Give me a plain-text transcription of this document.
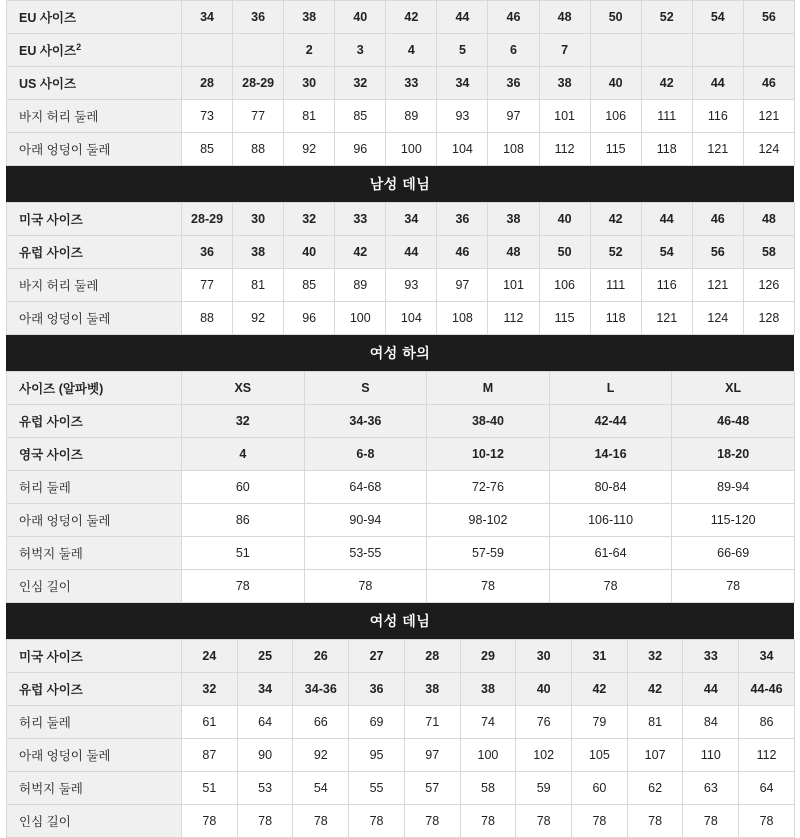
EU 사이즈	34	36	38	40	42	44	46	48	50	52	54	56
EU 사이즈$^2$			2	3	4	5	6	7				
US 사이즈	28	28-29	30	32	33	34	36	38	40	42	44	46
바지 허리 둘레	73	77	81	85	89	93	97	101	106	111	116	121
아래 엉덩이 둘레	85	88	92	96	100	104	108	112	115	118	121	124
남성 데님
미국 사이즈	28-29	30	32	33	34	36	38	40	42	44	46	48
유럽 사이즈	36	38	40	42	44	46	48	50	52	54	56	58
바지 허리 둘레	77	81	85	89	93	97	101	106	111	116	121	126
아래 엉덩이 둘레	88	92	96	100	104	108	112	115	118	121	124	128
여성 하의
사이즈 (알파벳)	XS	S	M	L	XL
유럽 사이즈	32	34-36	38-40	42-44	46-48
영국 사이즈	4	6-8	10-12	14-16	18-20
허리 둘레	60	64-68	72-76	80-84	89-94
아래 엉덩이 둘레	86	90-94	98-102	106-110	115-120
허벅지 둘레	51	53-55	57-59	61-64	66-69
인심 길이	78	78	78	78	78
여성 데님
미국 사이즈	24	25	26	27	28	29	30	31	32	33	34
유럽 사이즈	32	34	34-36	36	38	38	40	42	42	44	44-46
허리 둘레	61	64	66	69	71	74	76	79	81	84	86
아래 엉덩이 둘레	87	90	92	95	97	100	102	105	107	110	112
허벅지 둘레	51	53	54	55	57	58	59	60	62	63	64
인심 길이	78	78	78	78	78	78	78	78	78	78	78
